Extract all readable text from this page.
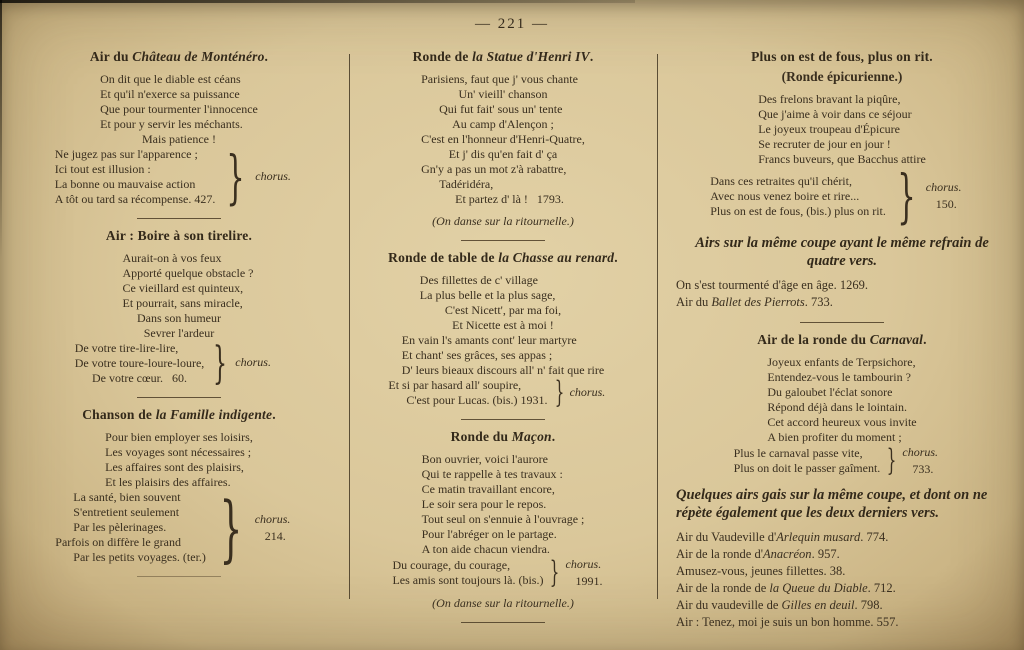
— 221 —
Air du Château de Monténéro.
On dit que le diable est céans
Et qu'il n'exerce sa puissance
Que pour tourmenter l'innocence
Et pour y servir les méchants.
Mais patience !
Ne jugez pas sur l'apparence ;
Ici tout est illusion :
La bonne ou mauvaise action
A tôt ou tard sa récompense. 427. } chorus.
Air : Boire à son tirelire.
Aurait-on à vos feux
Apporté quelque obstacle ?
Ce vieillard est quinteux,
Et pourrait, sans miracle,
Dans son humeur
Sevrer l'ardeur
De votre tire-lire-lire,
De votre toure-loure-loure,
De votre cœur.  60. } chorus.
Chanson de la Famille indigente.
Pour bien employer ses loisirs,
Les voyages sont nécessaires ;
Les affaires sont des plaisirs,
Et les plaisirs des affaires.
La santé, bien souvent
S'entretient seulement
Par les pèlerinages.
Parfois on diffère le grand
Par les petits voyages. (ter.) } chorus.
214.
Ronde de la Statue d'Henri IV.
Parisiens, faut que j' vous chante
Un' vieill' chanson
Qui fut fait' sous un' tente
Au camp d'Alençon ;
C'est en l'honneur d'Henri-Quatre,
Et j' dis qu'en fait d' ça
Gn'y a pas un mot z'à rabattre,
Tadéridéra,
Et partez d' là !  1793.
(On danse sur la ritournelle.)
Ronde de table de la Chasse au renard.
Des fillettes de c' village
La plus belle et la plus sage,
C'est Nicett', par ma foi,
Et Nicette est à moi !
En vain l's amants cont' leur martyre
Et chant' ses grâces, ses appas ;
D' leurs bieaux discours all' n' fait que rire
Et si par hasard all' soupire,
C'est pour Lucas. (bis.) 1931. } chorus.
Ronde du Maçon.
Bon ouvrier, voici l'aurore
Qui te rappelle à tes travaux :
Ce matin travaillant encore,
Le soir sera pour le repos.
Tout seul on s'ennuie à l'ouvrage ;
Pour l'abréger on le partage.
A ton aide chacun viendra.
Du courage, du courage,
Les amis sont toujours là. (bis.) } chorus.
1991.
(On danse sur la ritournelle.)
Plus on est de fous, plus on rit.
(Ronde épicurienne.)
Des frelons bravant la piqûre,
Que j'aime à voir dans ce séjour
Le joyeux troupeau d'Épicure
Se recruter de jour en jour !
Francs buveurs, que Bacchus attire
Dans ces retraites qu'il chérit,
Avec nous venez boire et rire...
Plus on est de fous, (bis.) plus on rit. } chorus.
150.
Airs sur la même coupe ayant le même refrain de quatre vers.
On s'est tourmenté d'âge en âge. 1269.
Air du Ballet des Pierrots. 733.
Air de la ronde du Carnaval.
Joyeux enfants de Terpsichore,
Entendez-vous le tambourin ?
Du galoubet l'éclat sonore
Répond déjà dans le lointain.
Cet accord heureux vous invite
A bien profiter du moment ;
Plus le carnaval passe vite,
Plus on doit le passer gaîment. } chorus.
733.
Quelques airs gais sur la même coupe, et dont on ne répète également que les deux derniers vers.
Air du Vaudeville d'Arlequin musard. 774.
Air de la ronde d'Anacréon. 957.
Amusez-vous, jeunes fillettes. 38.
Air de la ronde de la Queue du Diable. 712.
Air du vaudeville de Gilles en deuil. 798.
Air : Tenez, moi je suis un bon homme. 557.
